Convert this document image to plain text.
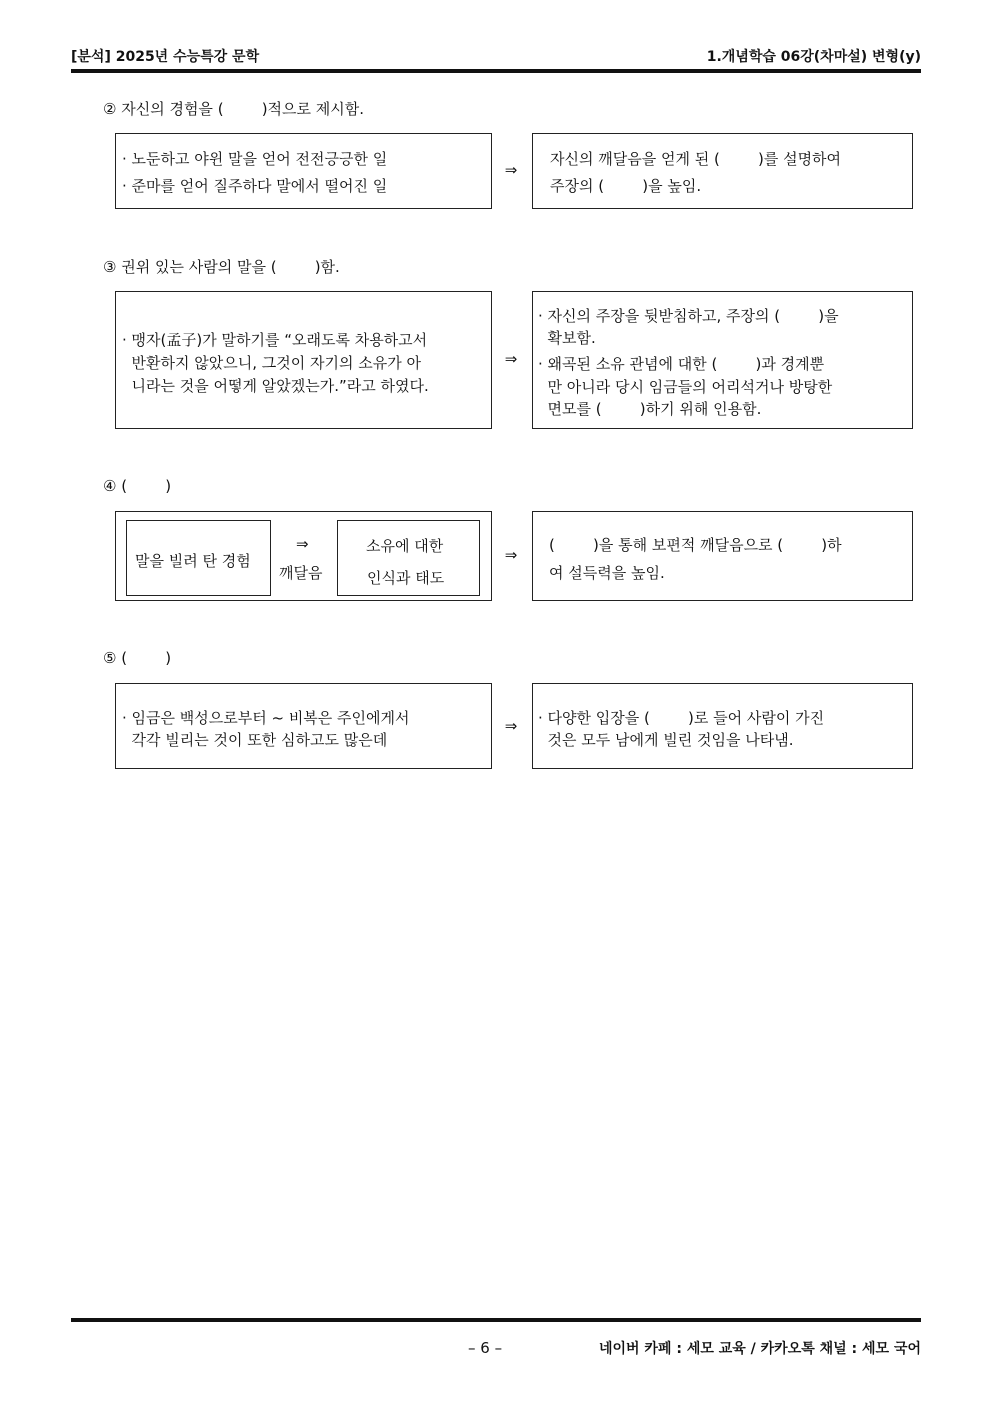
[분석] 2025년 수능특강 문학	1.개념학습 06강(차마설) 변형(y)
② 자신의 경험을 (        )적으로 제시함.
· 노둔하고 야윈 말을 얻어 전전긍긍한 일
· 준마를 얻어 질주하다 말에서 떨어진 일
⇒
자신의 깨달음을 얻게 된 (        )를 설명하여
주장의 (        )을 높임.
③ 권위 있는 사람의 말을 (        )함.
· 맹자(孟子)가 말하기를 “오래도록 차용하고서
반환하지 않았으니, 그것이 자기의 소유가 아
니라는 것을 어떻게 알았겠는가.”라고 하였다.
⇒
· 자신의 주장을 뒷받침하고, 주장의 (        )을
확보함.
· 왜곡된 소유 관념에 대한 (        )과 경계뿐
만 아니라 당시 임금들의 어리석거나 방탕한
면모를 (        )하기 위해 인용함.
④ (        )
말을 빌려 탄 경험
⇒
깨달음
소유에 대한
인식과 태도
⇒
(        )을 통해 보편적 깨달음으로 (        )하
여 설득력을 높임.
⑤ (        )
· 임금은 백성으로부터 ~ 비복은 주인에게서
각각 빌리는 것이 또한 심하고도 많은데
⇒	· 다양한 입장을 (        )로 들어 사람이 가진
것은 모두 남에게 빌린 것임을 나타냄.
– 6 –	네이버 카페 : 세모 교육 / 카카오톡 채널 : 세모 국어
